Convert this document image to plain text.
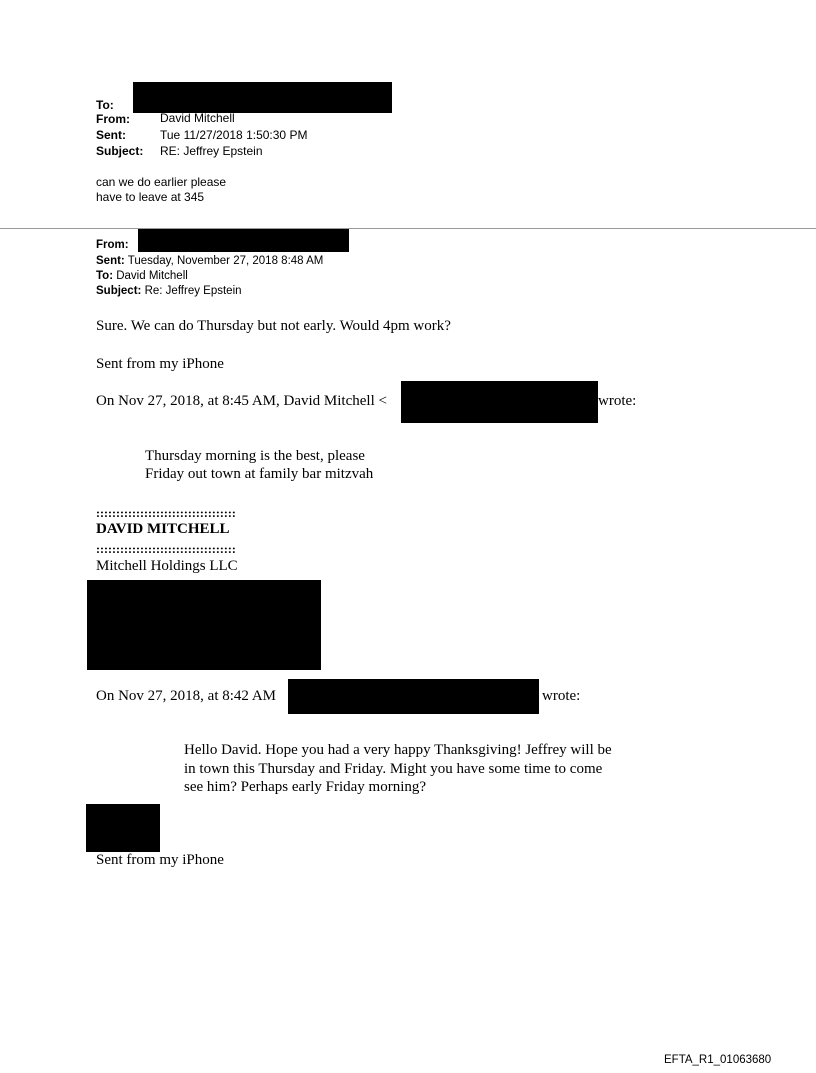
To:
From:	David Mitchell
Sent:	Tue 11/27/2018 1:50:30 PM
Subject: RE: Jeffrey Epstein
can we do earlier please
have to leave at 345
From:
Sent: Tuesday, November 27, 2018 8:48 AM
To: David Mitchell
Subject: Re: Jeffrey Epstein
Sure. We can do Thursday but not early. Would 4pm work?
Sent from my iPhone
On Nov 27, 2018, at 8:45 AM, David Mitchell <	wrote:
Thursday morning is the best, please
Friday out town at family bar mitzvah
:::::::::::::::::::::::::::::::::::
DAVID MITCHELL
:::::::::::::::::::::::::::::::::::
Mitchell Holdings LLC
On Nov 27, 2018, at 8:42 AM	wrote:
Hello David. Hope you had a very happy Thanksgiving! Jeffrey will be
in town this Thursday and Friday. Might you have some time to come
see him? Perhaps early Friday morning?
Sent from my iPhone
EFTA_R1_01063680
